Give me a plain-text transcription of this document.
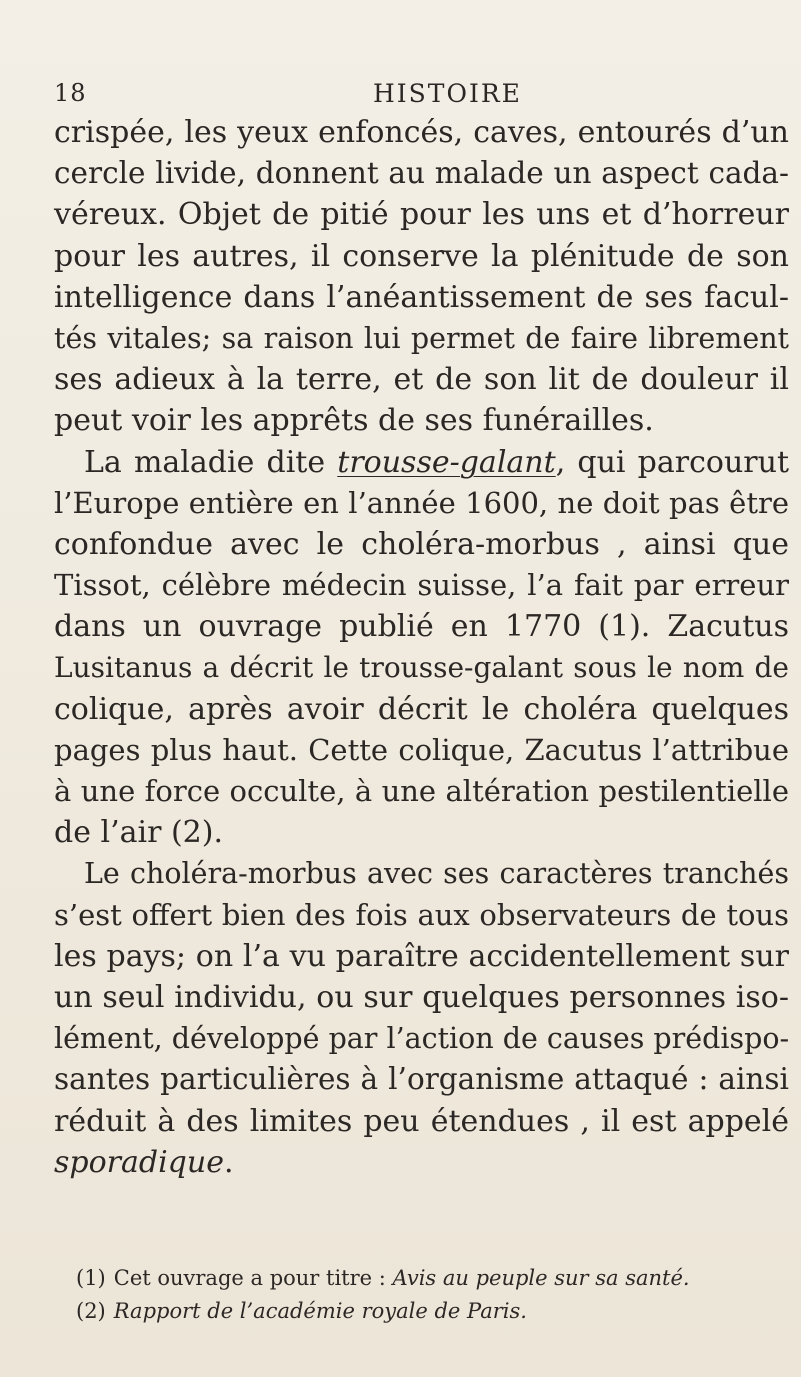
18	HISTOIRE

crispée, les yeux enfoncés, caves, entourés d’un
cercle livide, donnent au malade un aspect cada-
véreux. Objet de pitié pour les uns et d’horreur
pour les autres, il conserve la plénitude de son
intelligence dans l’anéantissement de ses facul-
tés vitales; sa raison lui permet de faire librement
ses adieux à la terre, et de son lit de douleur il
peut voir les apprêts de ses funérailles.

La maladie dite trousse-galant, qui parcourut
l’Europe entière en l’année 1600, ne doit pas être
confondue avec le choléra-morbus , ainsi que
Tissot, célèbre médecin suisse, l’a fait par erreur
dans un ouvrage publié en 1770 (1). Zacutus
Lusitanus a décrit le trousse-galant sous le nom de
colique, après avoir décrit le choléra quelques
pages plus haut. Cette colique, Zacutus l’attribue
à une force occulte, à une altération pestilentielle
de l’air (2).

Le choléra-morbus avec ses caractères tranchés
s’est offert bien des fois aux observateurs de tous
les pays; on l’a vu paraître accidentellement sur
un seul individu, ou sur quelques personnes iso-
lément, développé par l’action de causes prédispo-
santes particulières à l’organisme attaqué : ainsi
réduit à des limites peu étendues , il est appelé
sporadique.

(1) Cet ouvrage a pour titre : Avis au peuple sur sa santé.
(2) Rapport de l’académie royale de Paris.
